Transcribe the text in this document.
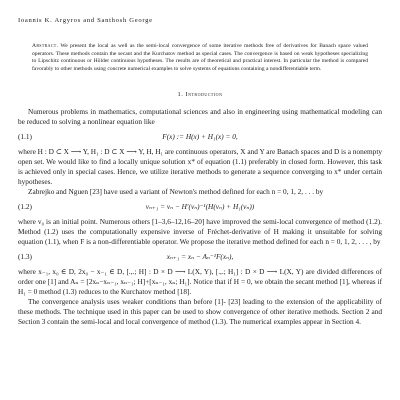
Ioannis K. Argyros and Santhosh George
Abstract. We present the local as well as the semi-local convergence of some iterative methods free of derivatives for Banach space valued operators. These methods contain the secant and the Kurchatov method as special cases. The convergence is based on weak hypotheses specializing to Lipschitz continuous or Hölder continuous hypotheses. The results are of theoretical and practical interest. In particular the method is compared favorably to other methods using concrete numerical examples to solve systems of equations containing a nondifferentiable term.
1. Introduction

Numerous problems in mathematics, computational sciences and also in engineering using mathematical modeling can be reduced to solving a nonlinear equation like

(1.1)	F(x) := H(x) + H₁(x) = 0,

where H : D ⊂ X ⟶ Y, H₁ : D ⊂ X ⟶ Y, H, H₁ are continuous operators, X and Y are Banach spaces and D is a nonempty open set. We would like to find a locally unique solution x* of equation (1.1) preferably in closed form. However, this task is achieved only in special cases. Hence, we utilize iterative methods to generate a sequence converging to x* under certain hypotheses.

Zabrejko and Nguen [23] have used a variant of Newton's method defined for each n = 0, 1, 2, . . . by

(1.2)	vₙ₊₁ = vₙ − H′(vₙ)⁻¹(H(vₙ) + H₁(vₙ))

where v₀ is an initial point. Numerous others [1–3,6–12,16–20] have improved the semi-local convergence of method (1.2). Method (1.2) uses the computationally expensive inverse of Fréchet-derivative of H making it unsuitable for solving equation (1.1), when F is a non-differentiable operator. We propose the iterative method defined for each n = 0, 1, 2, . . . , by

(1.3)	xₙ₊₁ = xₙ − Aₙ⁻¹F(xₙ),

where x₋₁, x₀ ∈ D, 2x₀ − x₋₁ ∈ D, [.,.; H] : D × D ⟶ L(X, Y), [.,.; H₁] : D × D ⟶ L(X, Y) are divided differences of order one [1] and Aₙ = [2xₙ−xₙ₋₁, xₙ₋₁; H]+[xₙ₋₁, xₙ; H₁]. Notice that if H = 0, we obtain the secant method [1], whereas if H₁ = 0 method (1.3) reduces to the Kurchatov method [18].

The convergence analysis uses weaker conditions than before [1]- [23] leading to the extension of the applicability of these methods. The technique used in this paper can be used to show convergence of other iterative methods. Section 2 and Section 3 contain the semi-local and local convergence of method (1.3). The numerical examples appear in Section 4.
